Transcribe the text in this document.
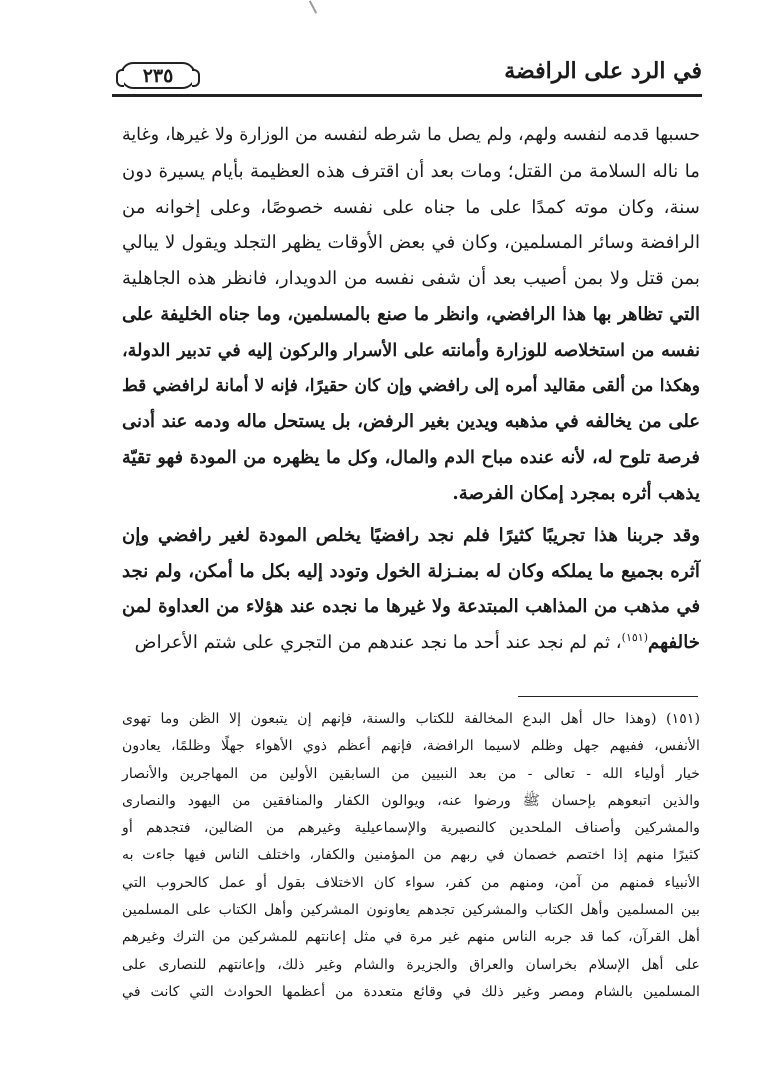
٢٣٥	في الرد على الرافضة
حسبها قدمه لنفسه ولهم، ولم يصل ما شرطه لنفسه من الوزارة ولا غيرها، وغاية
ما ناله السلامة من القتل؛ ومات بعد أن اقترف هذه العظيمة بأيام يسيرة دون
سنة، وكان موته كمدًا على ما جناه على نفسه خصوصًا، وعلى إخوانه من
الرافضة وسائر المسلمين، وكان في بعض الأوقات يظهر التجلد ويقول لا يبالي
بمن قتل ولا بمن أصيب بعد أن شفى نفسه من الدويدار، فانظر هذه الجاهلية
التي تظاهر بها هذا الرافضي، وانظر ما صنع بالمسلمين، وما جناه الخليفة على
نفسه من استخلاصه للوزارة وأمانته على الأسرار والركون إليه في تدبير الدولة،
وهكذا من ألقى مقاليد أمره إلى رافضي وإن كان حقيرًا، فإنه لا أمانة لرافضي قط
على من يخالفه في مذهبه ويدين بغير الرفض، بل يستحل ماله ودمه عند أدنى
فرصة تلوح له، لأنه عنده مباح الدم والمال، وكل ما يظهره من المودة فهو تقيّة
يذهب أثره بمجرد إمكان الفرصة.
وقد جربنا هذا تجريبًا كثيرًا فلم نجد رافضيًا يخلص المودة لغير رافضي وإن
آثره بجميع ما يملكه وكان له بمنـزلة الخول وتودد إليه بكل ما أمكن، ولم نجد
في مذهب من المذاهب المبتدعة ولا غيرها ما نجده عند هؤلاء من العداوة لمن
خالفهم$^{(١٥١)}$، ثم لم نجد عند أحد ما نجد عندهم من التجري على شتم الأعراض
(١٥١) (وهذا حال أهل البدع المخالفة للكتاب والسنة، فإنهم إن يتبعون إلا الظن وما تهوى
الأنفس، ففيهم جهل وظلم لاسيما الرافضة، فإنهم أعظم ذوي الأهواء جهلًا وظلمًا، يعادون
خيار أولياء الله - تعالى - من بعد النبيين من السابقين الأولين من المهاجرين والأنصار
والذين اتبعوهم بإحسان ﷺ ورضوا عنه، ويوالون الكفار والمنافقين من اليهود والنصارى
والمشركين وأصناف الملحدين كالنصيرية والإسماعيلية وغيرهم من الضالين، فتجدهم أو
كثيرًا منهم إذا اختصم خصمان في ربهم من المؤمنين والكفار، واختلف الناس فيها جاءت به
الأنبياء فمنهم من آمن، ومنهم من كفر، سواء كان الاختلاف بقول أو عمل كالحروب التي
بين المسلمين وأهل الكتاب والمشركين تجدهم يعاونون المشركين وأهل الكتاب على المسلمين
أهل القرآن، كما قد جربه الناس منهم غير مرة في مثل إعانتهم للمشركين من الترك وغيرهم
على أهل الإسلام بخراسان والعراق والجزيرة والشام وغير ذلك، وإعانتهم للنصارى على
المسلمين بالشام ومصر وغير ذلك في وقائع متعددة من أعظمها الحوادث التي كانت في
